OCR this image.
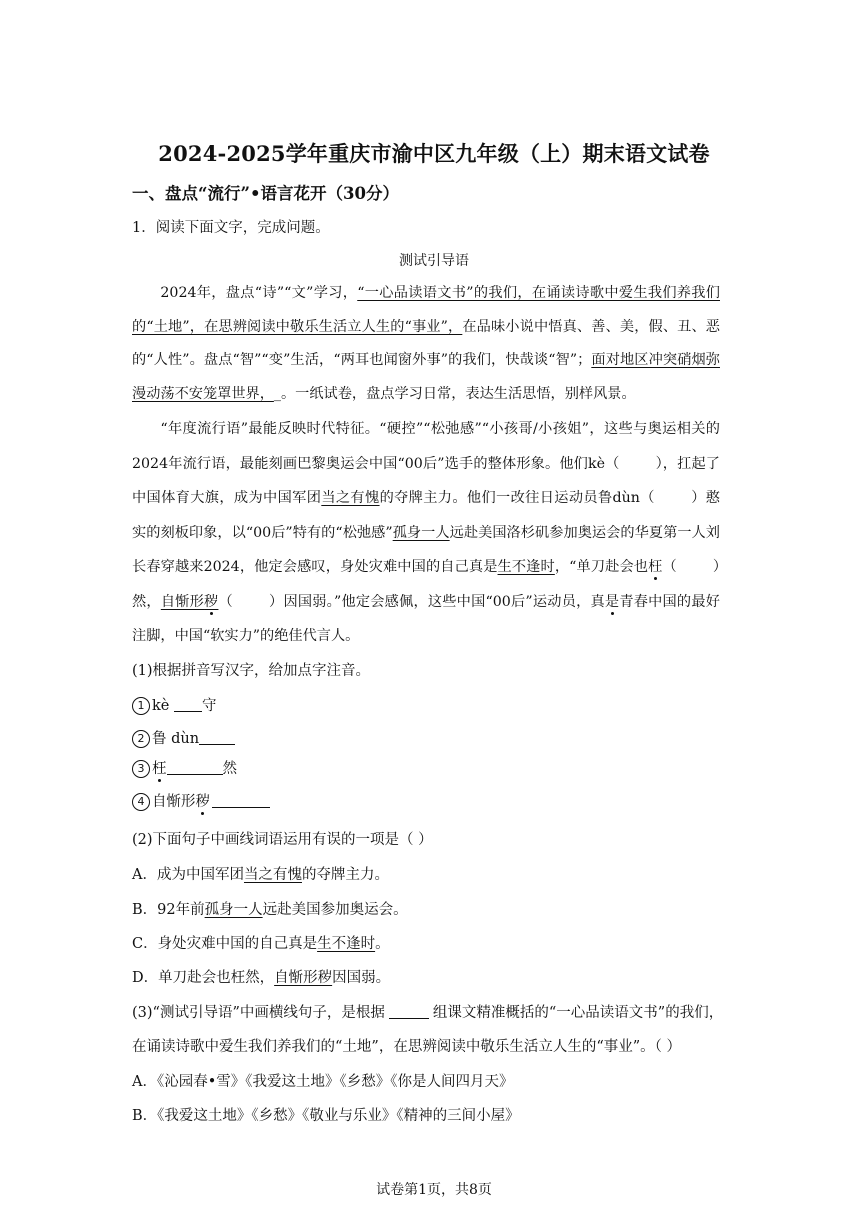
2024-2025学年重庆市渝中区九年级（上）期末语文试卷
一、盘点“流行”•语言花开（30分）
1．阅读下面文字，完成问题。
测试引导语
2024年，盘点“诗”“文”学习，“一心品读语文书”的我们，在诵读诗歌中爱生我们养我们的“土地”，在思辨阅读中敬乐生活立人生的“事业”，在品味小说中悟真、善、美，假、丑、恶的“人性”。盘点“智”“变”生活，“两耳也闻窗外事”的我们，快哉谈“智”；面对地区冲突硝烟弥漫动荡不安笼罩世界，_。一纸试卷，盘点学习日常，表达生活思悟，别样风景。
“年度流行语”最能反映时代特征。“硬控”“松弛感”“小孩哥/小孩姐”，这些与奥运相关的2024年流行语，最能刻画巴黎奥运会中国“00后”选手的整体形象。他们kè（	），扛起了中国体育大旗，成为中国军团当之有愧的夺牌主力。他们一改往日运动员鲁dùn（	）憨实的刻板印象，以“00后”特有的“松弛感”孤身一人远赴美国洛杉矶参加奥运会的华夏第一人刘长春穿越来2024，他定会感叹，身处灾难中国的自己真是生不逢时，“单刀赴会也枉（	）然，自惭形秽（	）因国弱。”他定会感佩，这些中国“00后”运动员，真是青春中国的最好注脚，中国“软实力”的绝佳代言人。
(1)根据拼音写汉字，给加点字注音。
1 kè 守
2 鲁 dùn
3 枉	然
4 自惭形秽
(2)下面句子中画线词语运用有误的一项是（ ）
A．成为中国军团当之有愧的夺牌主力。
B．92年前孤身一人远赴美国参加奥运会。
C．身处灾难中国的自己真是生不逢时。
D．单刀赴会也枉然，自惭形秽因国弱。
(3)“测试引导语”中画横线句子，是根据	组课文精准概括的“一心品读语文书”的我们，
在诵读诗歌中爱生我们养我们的“土地”，在思辨阅读中敬乐生活立人生的“事业”。（ ）
A．《沁园春•雪》《我爱这土地》《乡愁》《你是人间四月天》
B．《我爱这土地》《乡愁》《敬业与乐业》《精神的三间小屋》
试卷第1页，共8页
